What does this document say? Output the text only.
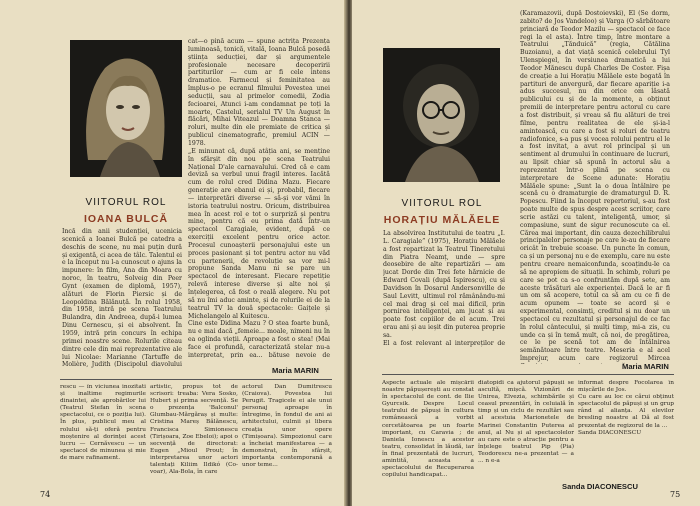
VIITORUL ROL
IOANA BULCĂ
Încă din anii studenției, ucenicia scenică a Ioanei Bulcă pe catedra a deschis de scene, nu mai puțin dură și exigentă, ci acea de tâlc. Talentul ei e la început nu l-a cunoscut o ajuns la impunere: în film, Ana din Moara cu noroc, în teatru, Solveig din Peer Gynt (examen de diplomă, 1957), alături de Florin Piersic și de Leopoldina Bălănuță. În rolul 1958, din 1958, intră pe scena Teatrului Bulandra, din Andreea, după-i lumea Dinu Cernescu, și ei absolvent. În 1959, intră prin concurs în echipa primei noastre scene. Rolurile citeau dintre cele din mai reprezentative ale lui Nicolae: Marianne (Tartuffe de Molière, Judith (Discipolul diavolului
cat—o pină acum — spune actrița Prezența luminoasă, tonică, vitală, Ioana Bulcă posedă știința seducției, dar și argumentele profesionale necesare decoperirii partiturilor — cum ar fi cele intens dramatice. Farmecul și feminitatea au împlus-o pe ecranul filmului Povestea unei seducții, sau al primelor comedii, Zodia fecioarei, Atunci i-am condamnat pe toți la moarte, Castelul, serialul TV Un August în flăcări, Mihai Viteazul — Doamna Stanca — roluri, multe din ele premiate de critica și publicul cinematografic, premiul ACIN — 1978.
„E minunat că, după atâția ani, se menține în sfârșit din nou pe scena Teatrului Național D'ale carnavalului. Cred că e cam deviză sa verbul unui fragil interes. Iacătă cum de rolul cred Didina Mazu. Fiecare generație are ebanul ei și, probabil, fiecare — interpretări diverse — să-și vor vămi în istoria teatrului nostru. Oricum, distribuirea mea în acest rol e tot o surpriză și pentru mine, pentru că eu prima dată într-un spectacol Caragiale, evident, după ce exerciții excelent pentru orice actor. Procesul cunoașterii personajului este un proces pasionant și tot pentru actor nu văd cu partenerii, de revoluție sa vor mi-l propune Sanda Manu ni se pare un spectacol de interesant. Fiecare repetiție relevă interese diverse și alte noi și înțelegerea, că fost o reală alegere. Nu pot să nu îmi aduc aminte, și de rolurile ei de la teatrul TV la două spectacole: Gaițele și Michelangelo al Kuitescu.
Cine este Didina Mazu ? O stea foarte bună, nu e mai dacă „femeie... moale, nimeni nu în ea oglinda vieții. Aproape a fost o stea! (Mai face ei profundă, caracterizată stelar nu-a interpretat, prin ea... bătuse nevoie de
Maria MARIN
rescu — în viciunea inozitati și inaltime regimurile dinaintei, ale aprobărilor lui (Teatrul Stefan în scena spectacolui, ce o poziția lui). În plus, publicul meu al rolului să-ți oferă pentru moștenire al dorinței acest lucru — Cernăvescu — un spectacol de minunea și mie de mare rafinament.
artistic, propus tot de scrisori: treaba: Vera Sosko, Hubert și prima secvență. Se o prezența 'Balconul' Glumbau-Mărgăraș și multe: Cristina Mareș Bălănescu, Francisca Simionescu (Tirișoara, Zoe Ebeloi); apoi o secvență de directorat: Eugen „Mioul Prout; în interpretarea unor actori talentați Kiliim Ildikó (Co-voar), Ala-Bola, în care
actorul Dan Dumitrescu (Craiova). Povestea lui Perugit. Tragicele ei ale unui personaj aproape în întregime, în fondul de ani ai arhitectului, culmii și libera creația unor opere (Timișoara). Simpozionul care a încheiat manifestarea — a demonstrat, în sfârșit, importanța contemporană a unor teme...
74
VIITORUL ROL
HORAȚIU MĂLĂELE
La absolvirea Institutului de teatru „I. L. Caragiale” (1975), Horațiu Mălăele a fost repartizat la Teatrul Tineretului din Piatra Neamț, unde — spre deosebire de alte repartizări — am jucat Dorde din Trei fete hărnicie de Edward Covali (după Ispirescu), cu și Davidson în Dosarul Andersonville de Saul Levitt, ultimul rol rămânându-mi cel mai drag și cel mai dificil, prin pornirea inteligenței, am jucat și au poate fost copiilor de el acum. Trei erau ani și au ieșit din puterea proprie sa.
El a fost relevant al interpreților de
(Karamazovii, după Dostoievski), El (Se dorm, zabito? de Jos Vandeloo) și Varga (O sărbătoare princiară de Teodor Mazilu — spectacol ce face regi la el asta). Între timp, între montare a Teatrului „Tănduică” (regia, Cătălina Buzoianu), a dat viață scenică celebrului Tyl Ulenspiegel, în versiunea dramatică a lui Teodor Mănescu după Charles De Coster. Fișa de creație a lui Horațiu Mălăele este bogată în partituri de anvergură, dar fiecare apariție i-a adus succesul, nu din orice om lăsată publicului cu și de la momente, a obținut premiii de interpretare pentru actorul cu care a fost distribuit, și vreau să fiu alături de trei filme, pentru realitatea de ele și-ia-l amintească, cu care a fost și roluri de teatru radiofonice, s-a pus și vocea rolului pentru el le a fost invitat, a avut rol principal și un sentiment al drumului în continuare de lucruri, au lipsit chiar să spună în actorul său a reprezentat într-o plină pe scena cu interpretare de Scene adunate: Horațiu Mălăele spune: „Sunt la o doua întâlnire pe scenă cu o dramaturgie de dramaturgul D. R. Popescu. Fiind la început repertoriul, s-au fost poate multe de spus despre acest scriitor, care scrie astăzi cu talent, inteligență, umor, și compasiune, sunt de sigur recunoscute ca el. Cărea mai important, din cauza dezechilibrului principalelor personaje pe care le-au de fiecare oricât în trebuie scoase. Un puncte în comun, ca și un personaj nu e de exemplu, care nu este pentru creare nemaiconfunda, scoațindu-le ca să ne apropiem de situații. În schimb, roluri pe care se pot ca s-o confruntăm după sete, am aceste trăsături ale experienței. Dacă le ar fi un om să acopere, totul ca să am cu ce fi de acum opunem — toate se acord și e experimental, consimți, creditul și nu doar un spectacol cu rezultatul și personajul de ce fac în rolul cântecului, și mulți timp, mi-a zis, cu unde ca și în temă mult, că noi, de pregătirea, ce le pe scenă tot am de întâlnirea semănătoare între teatre. Meseria e al acel împrejur, acum care regizorul Mircea
Maria MARIN
Aspecte actuale ale mișcării noastre păpușerești au constat în spectacolul de cont. de Ilie Gyurcsik. Despre Locul teatrului de păpuși în cultura românească a vorbit cercetătoarea pe un foarte important, cu Caravia ; de Daniela Ionescu a acestor teatru, consolidat în lăudă, iar în final prezentată de lucruri, amintită, aceasta a spectacolului de Recuperarea copilului handicapat...
diatopidi ca ajutorul păpușii se ascultă, mișcă. Vizionări de Unirea, Elvezia, schimbările și ceasul prezentări, în celuială în timp și un ciclu de rezultări sau al acestuia Marionetele de Marinei Constantin Puterea al anul, al Nu și al spectacolelor au care este o atracție pentru a înțelege teatrul Pip (Pia) Teodorescu ne-a prezentat — a ... n e-a
informat despre Focolarea în mișcările de Jos.
Cu care au loc ce cărui obținut spectacolul de păpuși și un grup rând al alianța. Al elevilor bresling noastre al Dă al fost prezentat de regizorul de la ...
Sanda DIACONESCU
Sanda DIACONESCU
75
